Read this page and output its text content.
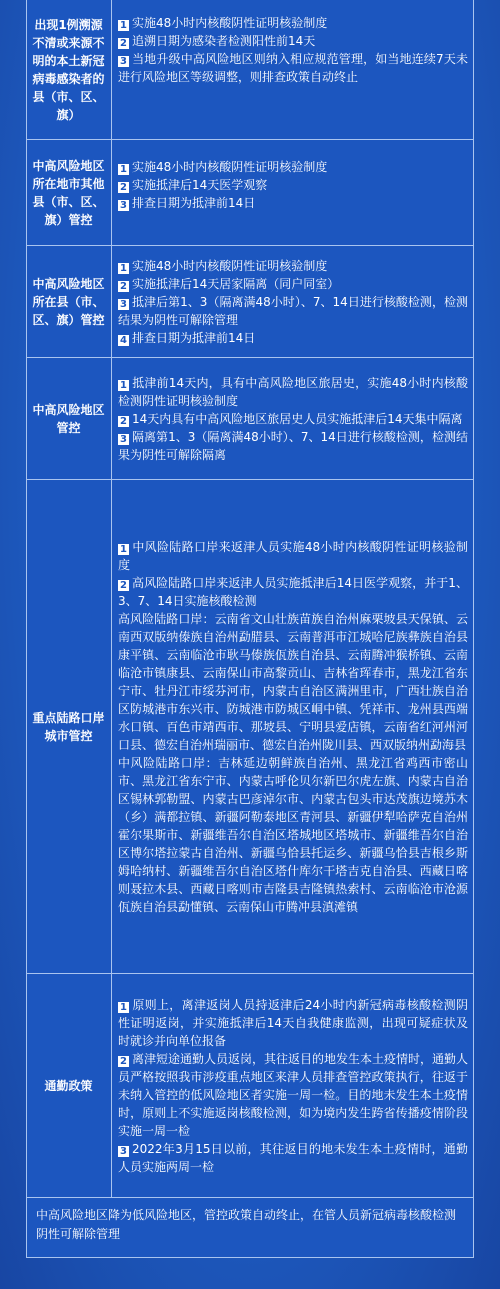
出现1例溯源不清或来源不明的本土新冠病毒感染者的县（市、区、旗）

1 实施48小时内核酸阴性证明核验制度

2 追溯日期为感染者检测阳性前14天

3 当地升级中高风险地区则纳入相应规范管理，如当地连续7天未进行风险地区等级调整，则排查政策自动终止

中高风险地区所在地市其他县（市、区、旗）管控

1 实施48小时内核酸阴性证明核验制度

2 实施抵津后14天医学观察

3 排查日期为抵津前14日

中高风险地区所在县（市、区、旗）管控

1 实施48小时内核酸阴性证明核验制度

2 实施抵津后14天居家隔离（同户同室）

3 抵津后第1、3（隔离满48小时）、7、14日进行核酸检测，检测结果为阴性可解除管理

4 排查日期为抵津前14日

中高风险地区管控

1 抵津前14天内，具有中高风险地区旅居史，实施48小时内核酸检测阴性证明核验制度

2 14天内具有中高风险地区旅居史人员实施抵津后14天集中隔离

3 隔离第1、3（隔离满48小时）、7、14日进行核酸检测，检测结果为阴性可解除隔离

重点陆路口岸城市管控

1 中风险陆路口岸来返津人员实施48小时内核酸阴性证明核验制度

2 高风险陆路口岸来返津人员实施抵津后14日医学观察，并于1、3、7、14日实施核酸检测

高风险陆路口岸：云南省文山壮族苗族自治州麻栗坡县天保镇、云南西双版纳傣族自治州勐腊县、云南普洱市江城哈尼族彝族自治县康平镇、云南临沧市耿马傣族佤族自治县、云南腾冲猴桥镇、云南临沧市镇康县、云南保山市高黎贡山、吉林省珲春市，黑龙江省东宁市、牡丹江市绥芬河市，内蒙古自治区满洲里市，广西壮族自治区防城港市东兴市、防城港市防城区峒中镇、凭祥市、龙州县西端水口镇、百色市靖西市、那坡县、宁明县爱店镇，云南省红河州河口县、德宏自治州瑞丽市、德宏自治州陇川县、西双版纳州勐海县

中风险陆路口岸：吉林延边朝鲜族自治州、黑龙江省鸡西市密山市、黑龙江省东宁市、内蒙古呼伦贝尔新巴尔虎左旗、内蒙古自治区锡林郭勒盟、内蒙古巴彦淖尔市、内蒙古包头市达茂旗边境苏木（乡）满都拉镇、新疆阿勒泰地区青河县、新疆伊犁哈萨克自治州霍尔果斯市、新疆维吾尔自治区塔城地区塔城市、新疆维吾尔自治区博尔塔拉蒙古自治州、新疆乌恰县托运乡、新疆乌恰县吉根乡斯姆哈纳村、新疆维吾尔自治区塔什库尔干塔吉克自治县、西藏日喀则聂拉木县、西藏日喀则市吉隆县吉隆镇热索村、云南临沧市沧源佤族自治县勐懂镇、云南保山市腾冲县滇滩镇

通勤政策

1 原则上，离津返岗人员持返津后24小时内新冠病毒核酸检测阴性证明返岗，并实施抵津后14天自我健康监测，出现可疑症状及时就诊并向单位报备

2 离津短途通勤人员返岗，其往返目的地发生本土疫情时，通勤人员严格按照我市涉疫重点地区来津人员排查管控政策执行，往返于未纳入管控的低风险地区者实施一周一检。目的地未发生本土疫情时，原则上不实施返岗核酸检测，如为境内发生跨省传播疫情阶段实施一周一检

3 2022年3月15日以前，其往返目的地未发生本土疫情时，通勤人员实施两周一检

中高风险地区降为低风险地区，管控政策自动终止，在管人员新冠病毒核酸检测阴性可解除管理
